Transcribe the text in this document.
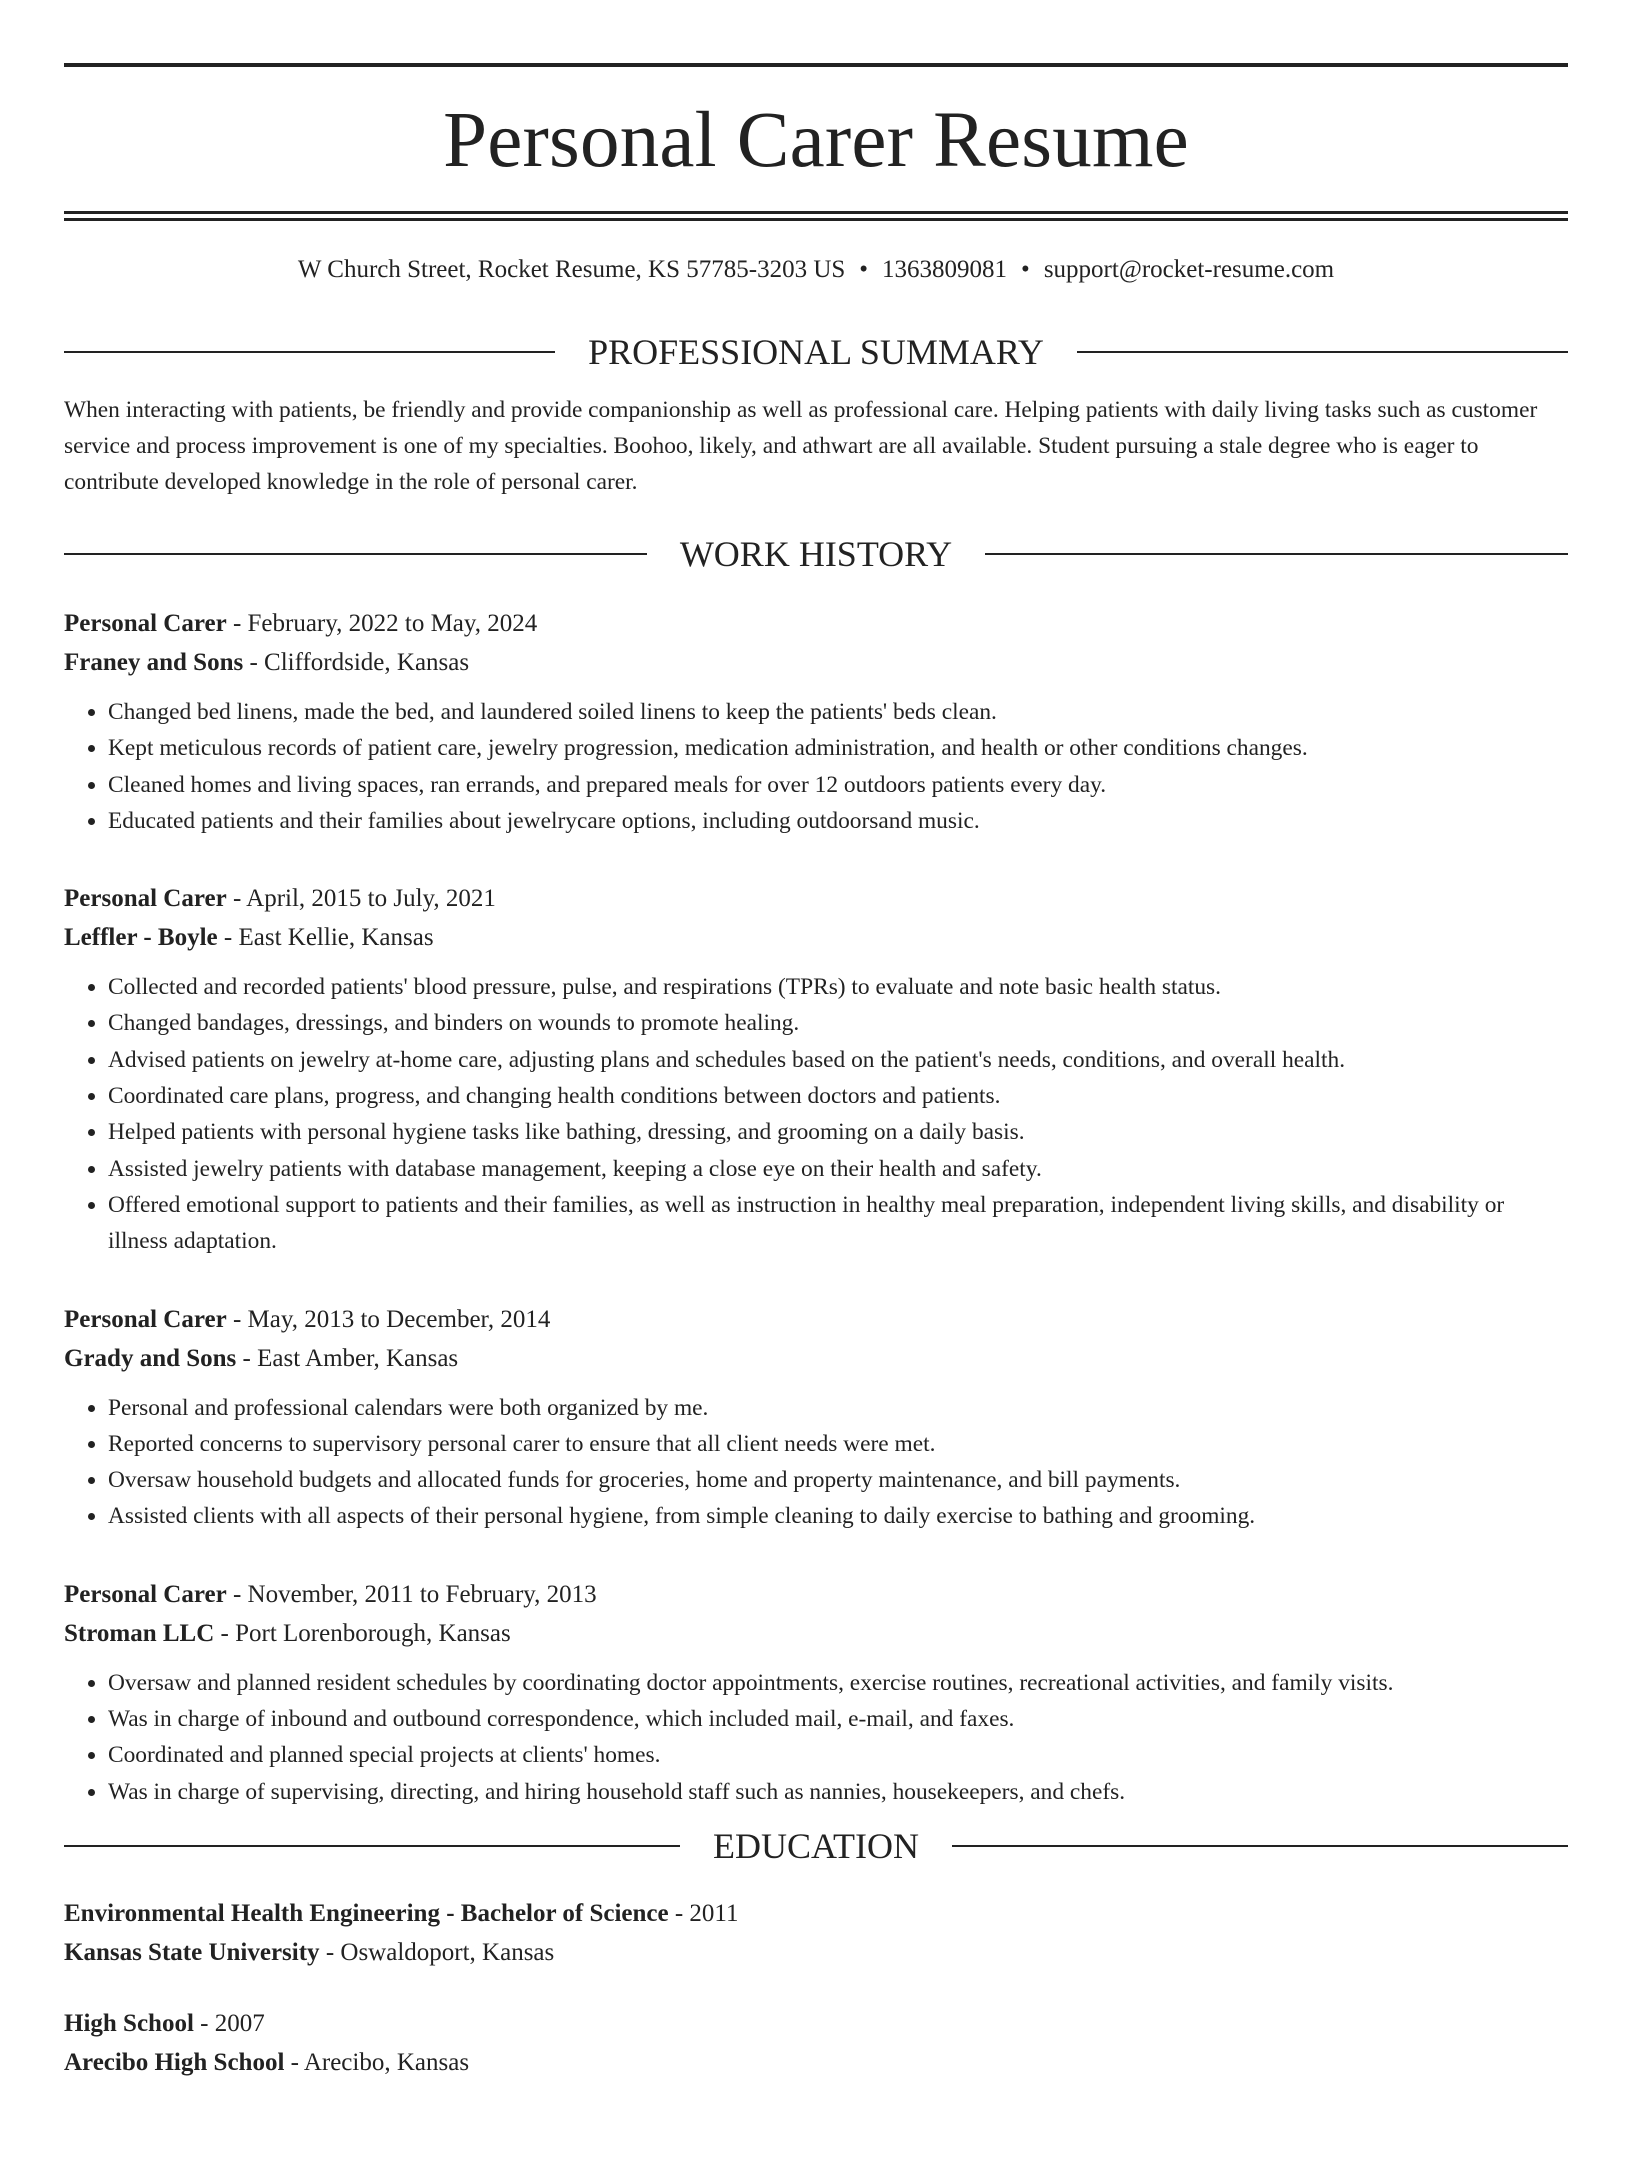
Personal Carer Resume
W Church Street, Rocket Resume, KS 57785-3203 US • 1363809081 • support@rocket-resume.com
PROFESSIONAL SUMMARY

When interacting with patients, be friendly and provide companionship as well as professional care. Helping patients with daily living tasks such as customer service and process improvement is one of my specialties. Boohoo, likely, and athwart are all available. Student pursuing a stale degree who is eager to contribute developed knowledge in the role of personal carer.

WORK HISTORY
Personal Carer - February, 2022 to May, 2024
Franey and Sons - Cliffordside, Kansas
• Changed bed linens, made the bed, and laundered soiled linens to keep the patients' beds clean.
• Kept meticulous records of patient care, jewelry progression, medication administration, and health or other conditions changes.
• Cleaned homes and living spaces, ran errands, and prepared meals for over 12 outdoors patients every day.
• Educated patients and their families about jewelrycare options, including outdoorsand music.
Personal Carer - April, 2015 to July, 2021
Leffler - Boyle - East Kellie, Kansas
• Collected and recorded patients' blood pressure, pulse, and respirations (TPRs) to evaluate and note basic health status.
• Changed bandages, dressings, and binders on wounds to promote healing.
• Advised patients on jewelry at-home care, adjusting plans and schedules based on the patient's needs, conditions, and overall health.
• Coordinated care plans, progress, and changing health conditions between doctors and patients.
• Helped patients with personal hygiene tasks like bathing, dressing, and grooming on a daily basis.
• Assisted jewelry patients with database management, keeping a close eye on their health and safety.
• Offered emotional support to patients and their families, as well as instruction in healthy meal preparation, independent living skills, and disability or illness adaptation.
Personal Carer - May, 2013 to December, 2014
Grady and Sons - East Amber, Kansas
• Personal and professional calendars were both organized by me.
• Reported concerns to supervisory personal carer to ensure that all client needs were met.
• Oversaw household budgets and allocated funds for groceries, home and property maintenance, and bill payments.
• Assisted clients with all aspects of their personal hygiene, from simple cleaning to daily exercise to bathing and grooming.
Personal Carer - November, 2011 to February, 2013
Stroman LLC - Port Lorenborough, Kansas
• Oversaw and planned resident schedules by coordinating doctor appointments, exercise routines, recreational activities, and family visits.
• Was in charge of inbound and outbound correspondence, which included mail, e-mail, and faxes.
• Coordinated and planned special projects at clients' homes.
• Was in charge of supervising, directing, and hiring household staff such as nannies, housekeepers, and chefs.
EDUCATION
Environmental Health Engineering - Bachelor of Science - 2011
Kansas State University - Oswaldoport, Kansas
High School - 2007
Arecibo High School - Arecibo, Kansas
